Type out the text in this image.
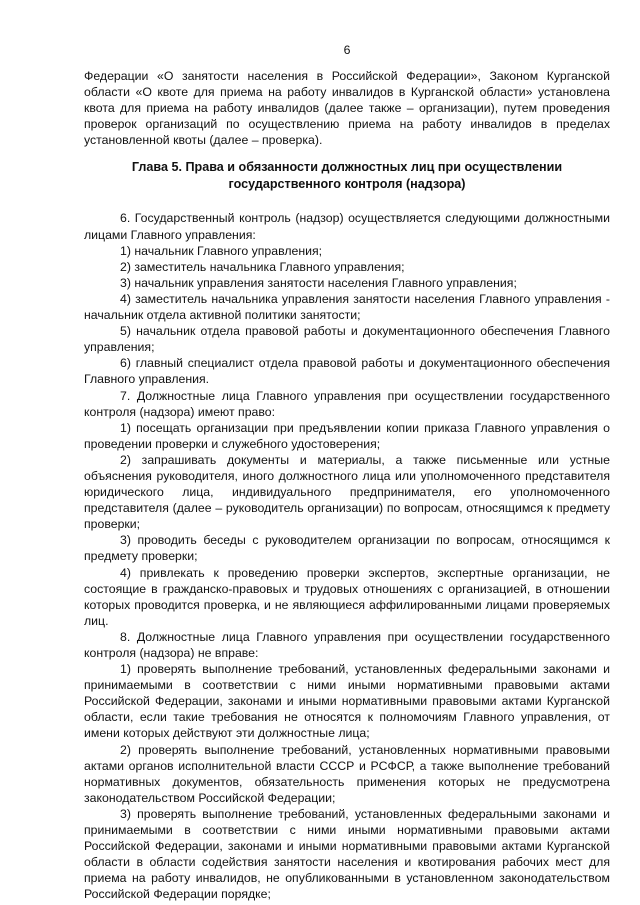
6

Федерации «О занятости населения в Российской Федерации», Законом Курганской области «О квоте для приема на работу инвалидов в Курганской области» установлена квота для приема на работу инвалидов (далее также – организации), путем проведения проверок организаций по осуществлению приема на работу инвалидов в пределах установленной квоты (далее – проверка).

Глава 5. Права и обязанности должностных лиц при осуществлении
государственного контроля (надзора)

6. Государственный контроль (надзор) осуществляется следующими должностными лицами Главного управления:

1) начальник Главного управления;

2) заместитель начальника Главного управления;

3) начальник управления занятости населения Главного управления;

4) заместитель начальника управления занятости населения Главного управления - начальник отдела активной политики занятости;

5) начальник отдела правовой работы и документационного обеспечения Главного управления;

6) главный специалист отдела правовой работы и документационного обеспечения Главного управления.

7. Должностные лица Главного управления при осуществлении государственного контроля (надзора) имеют право:

1) посещать организации при предъявлении копии приказа Главного управления о проведении проверки и служебного удостоверения;

2) запрашивать документы и материалы, а также письменные или устные объяснения руководителя, иного должностного лица или уполномоченного представителя юридического лица, индивидуального предпринимателя, его уполномоченного представителя (далее – руководитель организации) по вопросам, относящимся к предмету проверки;

3) проводить беседы с руководителем организации по вопросам, относящимся к предмету проверки;

4) привлекать к проведению проверки экспертов, экспертные организации, не состоящие в гражданско-правовых и трудовых отношениях с организацией, в отношении которых проводится проверка, и не являющиеся аффилированными лицами проверяемых лиц.

8. Должностные лица Главного управления при осуществлении государственного контроля (надзора) не вправе:

1) проверять выполнение требований, установленных федеральными законами и принимаемыми в соответствии с ними иными нормативными правовыми актами Российской Федерации, законами и иными нормативными правовыми актами Курганской области, если такие требования не относятся к полномочиям Главного управления, от имени которых действуют эти должностные лица;

2) проверять выполнение требований, установленных нормативными правовыми актами органов исполнительной власти СССР и РСФСР, а также выполнение требований нормативных документов, обязательность применения которых не предусмотрена законодательством Российской Федерации;

3) проверять выполнение требований, установленных федеральными законами и принимаемыми в соответствии с ними иными нормативными правовыми актами Российской Федерации, законами и иными нормативными правовыми актами Курганской области в области содействия занятости населения и квотирования рабочих мест для приема на работу инвалидов, не опубликованными в установленном законодательством Российской Федерации порядке;
